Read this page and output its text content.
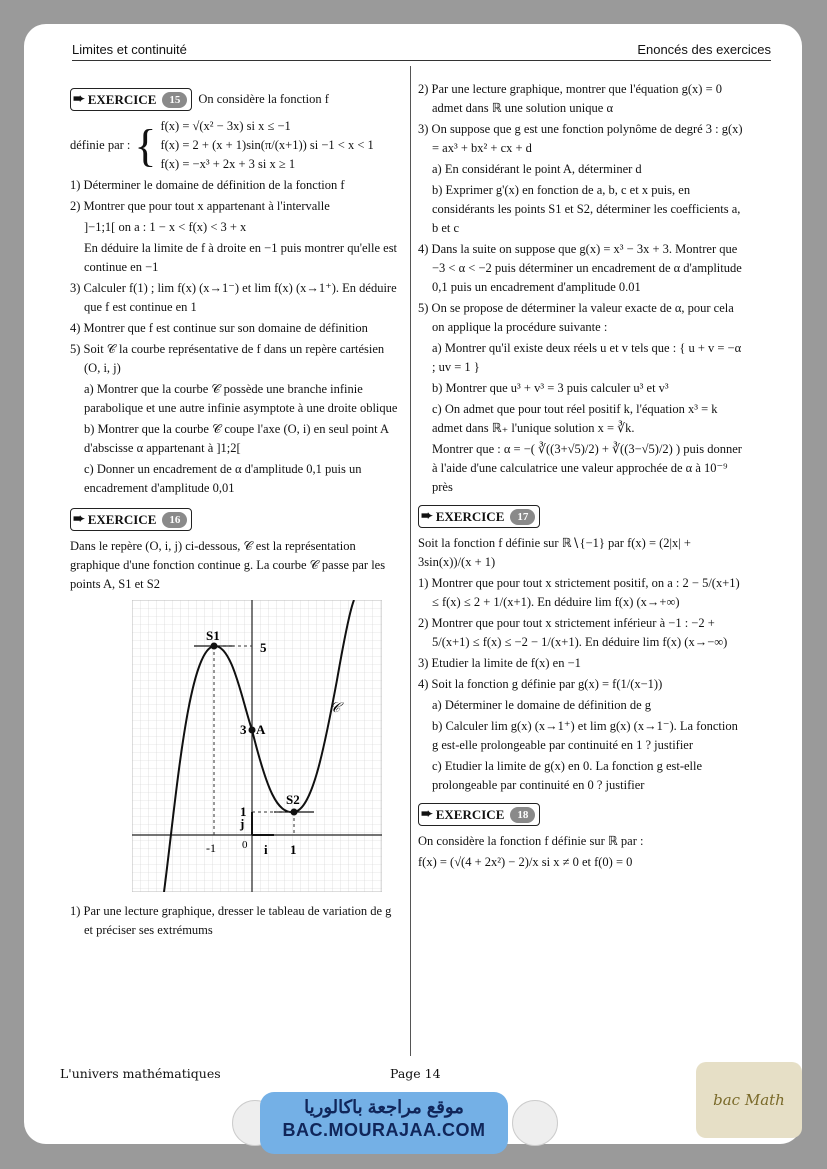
Limites et continuité	Enoncés des exercices
➨ EXERCICE	15	On considère la fonction f
définie par : { f(x) = √(x² − 3x) si x ≤ −1
f(x) = 2 + (x + 1)sin(π/(x+1)) si −1 < x < 1
f(x) = −x³ + 2x + 3 si x ≥ 1

1) Déterminer le domaine de définition de la fonction f

2) Montrer que pour tout x appartenant à l'intervalle

]−1;1[ on a : 1 − x < f(x) < 3 + x

En déduire la limite de f à droite en −1 puis montrer qu'elle est continue en −1

3) Calculer f(1) ; lim f(x) (x→1⁻) et lim f(x) (x→1⁺). En déduire que f est continue en 1

4) Montrer que f est continue sur son domaine de définition

5) Soit 𝒞 la courbe représentative de f dans un repère cartésien (O, i, j)

a) Montrer que la courbe 𝒞 possède une branche infinie parabolique et une autre infinie asymptote à une droite oblique

b) Montrer que la courbe 𝒞 coupe l'axe (O, i) en seul point A d'abscisse α appartenant à ]1;2[

c) Donner un encadrement de α d'amplitude 0,1 puis un encadrement d'amplitude 0,01

➨ EXERCICE	16

Dans le repère (O, i, j) ci-dessous, 𝒞 est la représentation graphique d'une fonction continue g. La courbe 𝒞 passe par les points A, S1 et S2

S1
S2
A
𝒞
5
3
1
-1	1
0 i
j

1) Par une lecture graphique, dresser le tableau de variation de g et préciser ses extrémums

2) Par une lecture graphique, montrer que l'équation g(x) = 0 admet dans ℝ une solution unique α

3) On suppose que g est une fonction polynôme de degré 3 : g(x) = ax³ + bx² + cx + d

a) En considérant le point A, déterminer d

b) Exprimer g'(x) en fonction de a, b, c et x puis, en considérants les points S1 et S2, déterminer les coefficients a, b et c

4) Dans la suite on suppose que g(x) = x³ − 3x + 3. Montrer que −3 < α < −2 puis déterminer un encadrement de α d'amplitude 0,1 puis un encadrement d'amplitude 0.01

5) On se propose de déterminer la valeur exacte de α, pour cela on applique la procédure suivante :

a) Montrer qu'il existe deux réels u et v tels que : { u + v = −α ; uv = 1 }

b) Montrer que u³ + v³ = 3 puis calculer u³ et v³

c) On admet que pour tout réel positif k, l'équation x³ = k admet dans ℝ₊ l'unique solution x = ∛k.

Montrer que : α = −( ∛((3+√5)/2) + ∛((3−√5)/2) ) puis donner à l'aide d'une calculatrice une valeur approchée de α à 10⁻⁹ près

➨ EXERCICE	17

Soit la fonction f définie sur ℝ∖{−1} par f(x) = (2|x| + 3sin(x))/(x + 1)

1) Montrer que pour tout x strictement positif, on a : 2 − 5/(x+1) ≤ f(x) ≤ 2 + 1/(x+1). En déduire lim f(x) (x→+∞)

2) Montrer que pour tout x strictement inférieur à −1 : −2 + 5/(x+1) ≤ f(x) ≤ −2 − 1/(x+1). En déduire lim f(x) (x→−∞)

3) Etudier la limite de f(x) en −1

4) Soit la fonction g définie par g(x) = f(1/(x−1))

a) Déterminer le domaine de définition de g

b) Calculer lim g(x) (x→1⁺) et lim g(x) (x→1⁻). La fonction g est-elle prolongeable par continuité en 1 ? justifier

c) Etudier la limite de g(x) en 0. La fonction g est-elle prolongeable par continuité en 0 ? justifier

➨ EXERCICE	18

On considère la fonction f définie sur ℝ par :

f(x) = (√(4 + 2x²) − 2)/x si x ≠ 0 et f(0) = 0

L'univers mathématiques	Page 14
موقع مراجعة باكالوريا
BAC.MOURAJAA.COM
bac Math
